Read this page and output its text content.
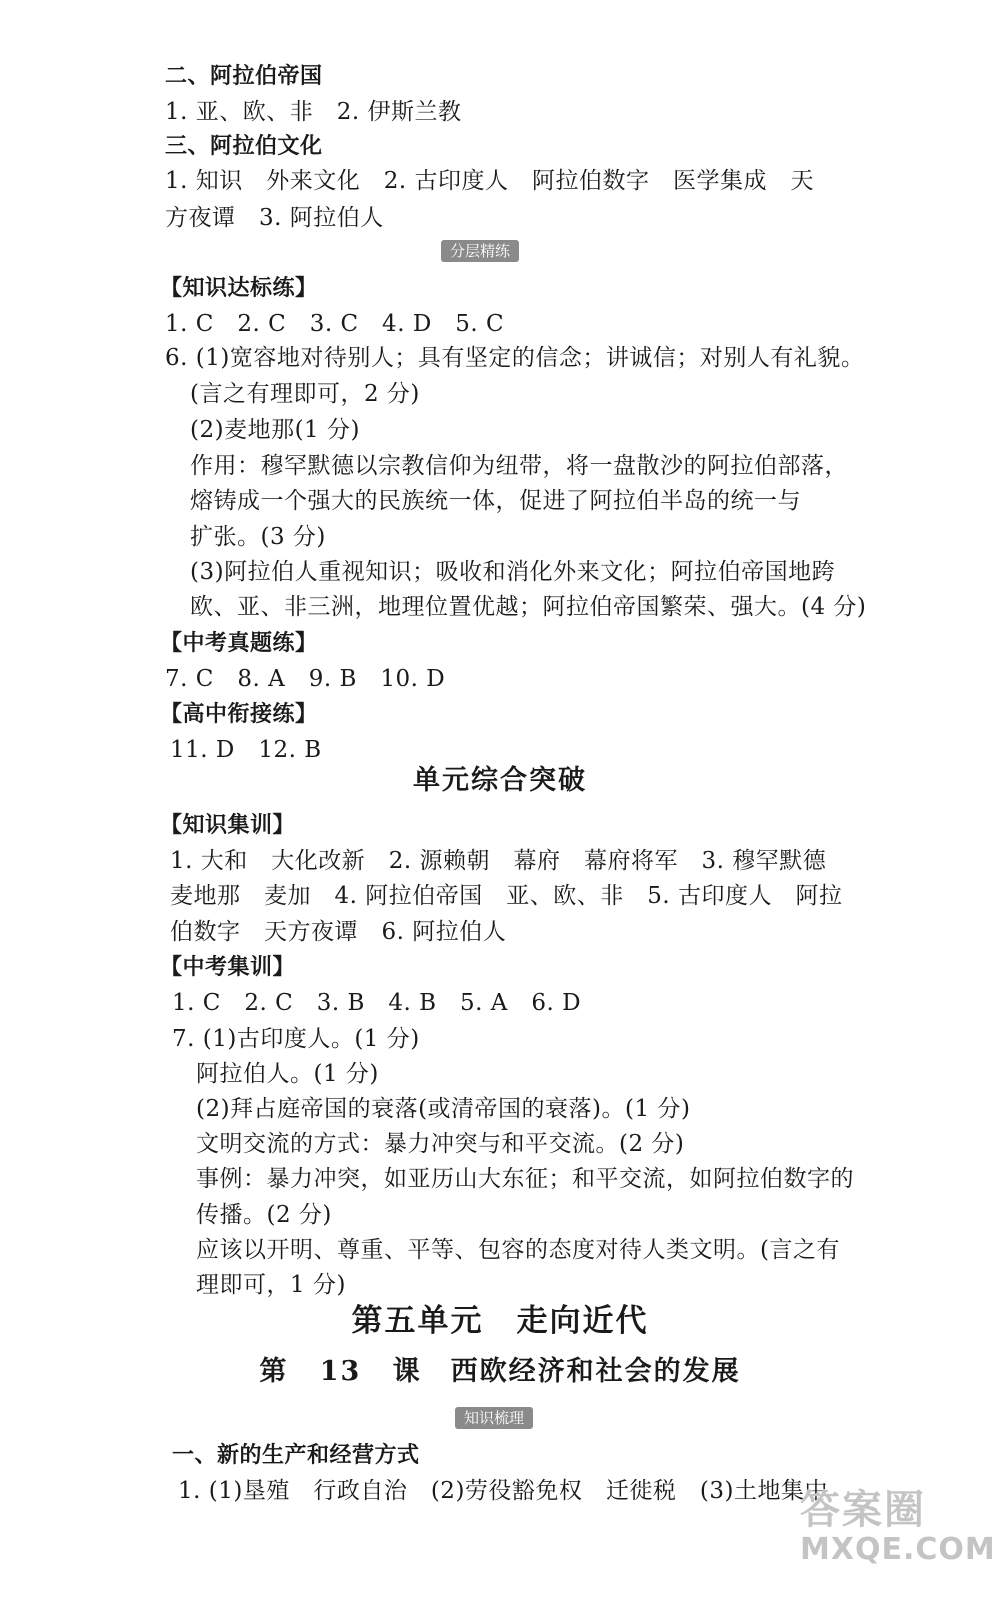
二、阿拉伯帝国
1. 亚、欧、非　2. 伊斯兰教
三、阿拉伯文化
1. 知识　外来文化　2. 古印度人　阿拉伯数字　医学集成　天
方夜谭　3. 阿拉伯人
分层精练
【知识达标练】
1. C　2. C　3. C　4. D　5. C
6. (1)宽容地对待别人；具有坚定的信念；讲诚信；对别人有礼貌。
(言之有理即可，2 分)
(2)麦地那(1 分)
作用：穆罕默德以宗教信仰为纽带，将一盘散沙的阿拉伯部落，
熔铸成一个强大的民族统一体，促进了阿拉伯半岛的统一与
扩张。(3 分)
(3)阿拉伯人重视知识；吸收和消化外来文化；阿拉伯帝国地跨
欧、亚、非三洲，地理位置优越；阿拉伯帝国繁荣、强大。(4 分)
【中考真题练】
7. C　8. A　9. B　10. D
【高中衔接练】
11. D　12. B
单元综合突破
【知识集训】
1. 大和　大化改新　2. 源赖朝　幕府　幕府将军　3. 穆罕默德
麦地那　麦加　4. 阿拉伯帝国　亚、欧、非　5. 古印度人　阿拉
伯数字　天方夜谭　6. 阿拉伯人
【中考集训】
1. C　2. C　3. B　4. B　5. A　6. D
7. (1)古印度人。(1 分)
阿拉伯人。(1 分)
(2)拜占庭帝国的衰落(或清帝国的衰落)。(1 分)
文明交流的方式：暴力冲突与和平交流。(2 分)
事例：暴力冲突，如亚历山大东征；和平交流，如阿拉伯数字的
传播。(2 分)
应该以开明、尊重、平等、包容的态度对待人类文明。(言之有
理即可，1 分)
第五单元　走向近代
第 13 课　西欧经济和社会的发展
知识梳理
一、新的生产和经营方式
1. (1)垦殖　行政自治　(2)劳役豁免权　迁徙税　(3)土地集中
答案圈
MXQE.COM
